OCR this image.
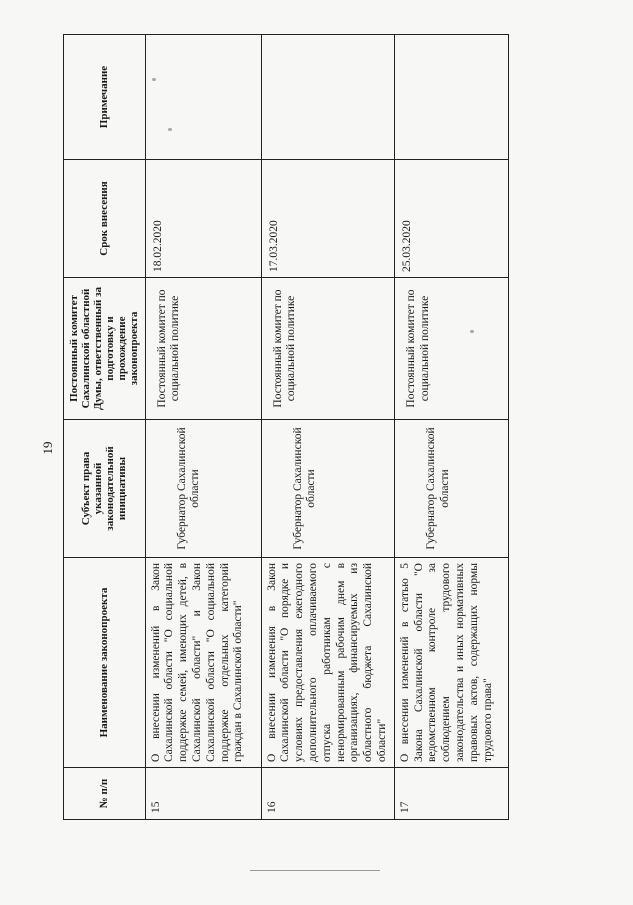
19
№ п/п	Наименование законопроекта	Субъект права указанной законодательной инициативы	Постоянный комитет Сахалинской областной Думы, ответственный за подготовку и прохождение законопроекта	Срок внесения	Примечание
15	О внесении изменений в Закон Сахалинской области "О социальной поддержке семей, имеющих детей, в Сахалинской области" и Закон Сахалинской области "О социальной поддержке отдельных категорий граждан в Сахалинской области"	Губернатор Сахалинской области	Постоянный комитет по социальной политике	18.02.2020	
16	О внесении изменения в Закон Сахалинской области "О порядке и условиях предоставления ежегодного дополнительного оплачиваемого отпуска работникам с ненормированным рабочим днем в организациях, финансируемых из областного бюджета Сахалинской области"	Губернатор Сахалинской области	Постоянный комитет по социальной политике	17.03.2020	
17	О внесении изменений в статью 5 Закона Сахалинской области "О ведомственном контроле за соблюдением трудового законодательства и иных нормативных правовых актов, содержащих нормы трудового права"	Губернатор Сахалинской области	Постоянный комитет по социальной политике	25.03.2020	
